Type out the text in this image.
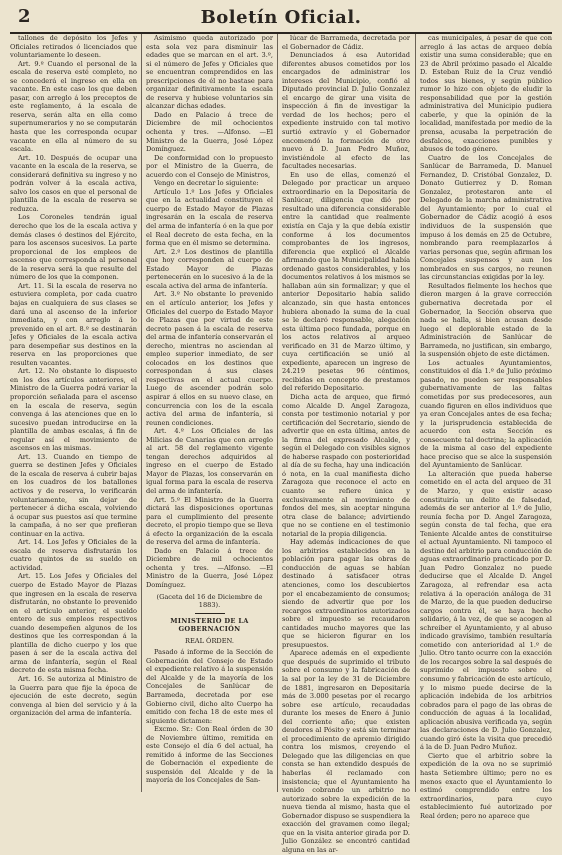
2	Boletín Oficial.

tallones de depósito los Jefes y Oficiales retirados ó licenciados que voluntariamente lo deseen.

Art. 9.º Cuando el personal de la escala de reserva esté completo, no se concederá el ingreso en ella en vacante. En este caso los que deben pasar, con arreglo á los preceptos de este reglamento, á la escala de reserva, serán alta en ella como supernumerarios y no se computarán hasta que les corresponda ocupar vacante en ella al número de su escala.

Art. 10. Después de ocupar una vacante en la escala de la reserva, se considerará definitiva su ingreso y no podrán volver á la escala activa, salvo los casos en que el personal de plantilla de la escala de reserva se reduzca.

Los Coroneles tendrán igual derecho que los de la escala activa y demás clases ó destinos del Ejército, para los ascensos sucesivos. La parte proporcional de los empleos de ascenso que corresponda al personal de la reserva será la que resulte del número de los que la componen.

Art. 11. Si la escala de reserva no estuviera completa, por cada cuatro bajas en cualquiera de sus clases se dará una al ascenso de la inferior inmediata, y con arreglo á lo prevenido en el art. 8.º se destinarán Jefes y Oficiales de la escala activa para desempeñar sus destinos en la reserva en las proporciones que resulten vacantes.

Art. 12. No obstante lo dispuesto en los dos artículos anteriores, el Ministro de la Guerra podrá variar la proporción señalada para el ascenso en la escala de reserva, según convenga á las atenciones que en lo sucesivo puedan introducirse en la plantilla de ambas escalas, á fin de regular así el movimiento de ascensos en las mismas.

Art. 13. Cuando en tiempo de guerra se destinen Jefes y Oficiales de la escala de reserva á cubrir bajas en los cuadros de los batallones activos y de reserva, lo verificarán voluntariamente, sin dejar de pertenecer á dicha escala, volviendo á ocupar sus puestos así que termine la campaña, á no ser que prefieran continuar en la activa.

Art. 14. Los Jefes y Oficiales de la escala de reserva disfrutarán los cuatro quintos de su sueldo en actividad.

Art. 15. Los Jefes y Oficiales del cuerpo de Estado Mayor de Plazas que ingresen en la escala de reserva disfrutarán, no obstante lo prevenido en el artículo anterior, el sueldo entero de sus empleos respectivos cuando desempeñen algunos de los destinos que les correspondan á la plantilla de dicho cuerpo y los que pasen á ser de la escala activa del arma de infantería, según el Real decreto de esta misma fecha.

Art. 16. Se autoriza al Ministro de la Guerra para que fije la época de ejecución de este decreto, según convenga al bien del servicio y á la organización del arma de infantería.

Asimismo queda autorizado por esta sola vez para disminuir las edades que se marcan en el art. 3.º, si el número de Jefes y Oficiales que se encuentran comprendidos en las prescripciones de él no bastase para organizar definitivamente la escala de reserva y hubiese voluntarios sin alcanzar dichas edades.

Dado en Palacio á trece de Diciembre de mil ochocientos ochenta y tres. —Alfonso. —El Ministro de la Guerra, José López Domínguez.

De conformidad con lo propuesto por el Ministro de la Guerra, de acuerdo con el Consejo de Ministros,

Vengo en decretar lo siguiente:

Artículo 1.º Los Jefes y Oficiales que en la actualidad constituyen el cuerpo de Estado Mayor de Plazas ingresarán en la escala de reserva del arma de infantería ó en la que por el Real decreto de esta fecha, en la forma que en él mismo se determina.

Art. 2.º Los destinos de plantilla que hoy corresponden al cuerpo de Estado Mayor de Plazas pertenecerán en lo sucesivo á la de la escala activa del arma de infantería.

Art. 3.º No obstante lo prevenido en el artículo anterior, los Jefes y Oficiales del cuerpo de Estado Mayor de Plazas que por virtud de este decreto pasen á la escala de reserva del arma de infantería conservarán el derecho, mientras no asciendan al empleo superior inmediato, de ser colocados en los destinos que correspondan á sus clases respectivas en el actual cuerpo. Luego de ascender podrán solo aspirar á ellos en su nuevo clase, en concurrencia con los de la escala activa del arma de infantería, si reunen condiciones.

Art. 4.º Los Oficiales de las Milicias de Canarias que con arreglo al art. 58 del reglamento vigente tengan derechos adquiridos al ingreso en el cuerpo de Estado Mayor de Plazas, los conservarán en igual forma para la escala de reserva del arma de infantería.

Art. 5.º El Ministro de la Guerra dictará las disposiciones oportunas para el cumplimiento del presente decreto, el propio tiempo que se lleva á efecto la organización de la escala de reserva del arma de infantería.

Dado en Palacio á trece de Diciembre de mil ochocientos ochenta y tres. —Alfonso. —El Ministro de la Guerra, José López Domínguez.

(Gaceta del 16 de Diciembre de 1883).

MINISTERIO DE LA GOBERNACIÓN

REAL ÓRDEN.

Pasado á informe de la Sección de Gobernación del Consejo de Estado el expediente relativo á la suspensión del Alcalde y de la mayoría de los Concejales de Sanlúcar de Barrameda, decretada por ese Gobierno civil, dicho alto Cuerpo ha emitido con fecha 18 de este mes el siguiente dictamen:

Excmo. Sr.: Con Real órden de 30 de Noviembre último, remitida en este Consejo el día 6 del actual, ha remitido á informe de las Secciones de Gobernación el expediente de suspensión del Alcalde y de la mayoría de los Concejales de San-

lúcar de Barrameda, decretada por el Gobernador de Cádiz.

Denunciados á esa Autoridad diferentes abusos cometidos por los encargados de administrar los intereses del Municipio, confió al Diputado provincial D. Julio Gonzalez el encargo de girar una visita de inspección á fin de investigar la verdad de los hechos; pero el expediente instruido con tal motivo surtió extravío y el Gobernador encomendó la formación de otro nuevo á D. Juan Pedro Muñoz, invistiéndole al efecto de las facultades necesarias.

En uso de ellas, comenzó el Delegado por practicar un arqueo extraordinario en la Depositaría de Sanlúcar, diligencia que dió por resultado una diferencia considerable entre la cantidad que realmente existía en Caja y la que debía existir conforme á los documentos comprobantes de los ingresos, diferencia que explicó el Alcalde afirmando que la Municipalidad había ordenado gastos considerables, y los documentos relativos á los mismos se hallaban aún sin formalizar; y que el anterior Depositario había salido alcanzado, sin que hasta entonces hubiera abonado la suma de la cual se le declaró responsable, alegación esta última poco fundada, porque en los actos relativos al arqueo verificado en 31 de Marzo último, y cuya certificación se unió al expediente, aparecen un ingreso de 24.219 pesetas 96 céntimos, recibidas en concepto de prestamos del referido Depositario.

Dicha acta de arqueo, que firmó como Alcalde D. Angel Zaragoza, consta por testimonio notarial y por certificación del Secretario, siendo de advertir que en esta última, antes de la firma del expresado Alcalde, y según el Delegado con visibles signos de haberse raspado con posterioridad al día de su fecha, hay una indicación ó nota, en la cual manifiesta dicho Zaragoza que reconoce el acto en cuanto se refiere única y exclusivamente al movimiento de fondos del mes, sin aceptar ninguna otra clase de balance; advirtiendo que no se contiene en el testimonio notarial de la propia diligencia.

Hay además indicaciones de que los arbitrios establecidos en la población para pagar las obras de conducción de aguas se habían destinado á satisfacer otras atenciones, como los descubiertos por el encabezamiento de consumos; siendo de advertir que por los recargos extraordinarios autorizados sobre el impuesto se recaudaron cantidades mucho mayores que las que se hicieron figurar en los presupuestos.

Aparece además en el expediente que después de suprimido el tributo sobre el consumo y la fabricación de la sal por la ley de 31 de Diciembre de 1881, ingresaron en Depositaría más de 3.000 pesetas por el recargo sobre ese artículo, recaudadas durante los meses de Enero á Junio del corriente año; que existen deudores al Pósito y está sin terminar el procedimiento de apremio dirigido contra los mismos, creyendo el Delegado que las diligencias en que consta se han extendido después de haberlas él reclamado con insistencia; que el Ayuntamiento ha venido cobrando un arbitrio no autorizado sobre la expedición de la nueva tienda al mismo, hasta que el Gobernador dispuso se suspendiera la exacción del gravamen como ilegal; que en la visita anterior girada por D. Julio González se encontró cantidad alguna en las ar-

cas municipales, á pesar de que con arreglo á las actas de arqueo debía existir una suma considerable; que en 23 de Abril próximo pasado el Alcalde D. Esteban Ruiz de la Cruz vendió todos sus bienes, y según público rumor lo hizo con objeto de eludir la responsabilidad que por la gestión administrativa del Municipio pudiera caberle, y que la opinión de la localidad, manifestada por medio de la prensa, acusaba la perpetración de desfalcos, exacciones punibles y abusos de todo género.

Cuatro de los Concejales de Sanlúcar de Barrameda, D. Manuel Fernandez, D. Cristóbal Gonzalez, D. Donato Gutierrez y D. Roman Gonzalez, protestaron ante el Delegado de la marcha administrativa del Ayuntamiento; por lo cual el Gobernador de Cádiz acogió á esos individuos de la suspensión que impuso á los demás en 25 de Octubre, nombrando para reemplazarlos á varias personas que, según afirman los Concejales suspensos y aun los nombrados en sus cargos, no reunen las circunstancias exigidas por la ley.

Resultados fielmente los hechos que dieron margen á la grave corrección gubernativa decretada por el Gobernador, la Sección observa que nada se halla, si bien acusan desde luego el deplorable estado de la Administración de Sanlúcar de Barrameda, no justifican, sin embargo, la suspensión objeto de este dictámen.

Los actuales Ayuntamientos, constituidos el día 1.º de Julio próximo pasado, no pueden ser responsables gubernativamente de las faltas cometidas por sus predecesores, aun cuando figuren en ellos individuos que ya eran Concejales antes de esa fecha; y la jurisprudencia establecida de acuerdo con esta Sección es consecuente tal doctrina; la aplicación de la misma al caso del expediente hace preciso que se alce la suspensión del Ayuntamiento de Sanlúcar.

La alteración que pueda haberse cometido en el acta del arqueo de 31 de Marzo, y que existir acaso constituiría un delito de falsedad, además de ser anterior al 1.º de Julio, reunía fecha por D. Angel Zaragoza, según consta de tal fecha, que era Teniente Alcalde antes de constituirse el actual Ayuntamiento. Ni tampoco el destino del arbitrio para conducción de aguas extraordinario practicado por D. Juan Pedro Gonzalez no puede deducirse que el Alcalde D. Angel Zaragoza, al refrendar esa acta relativa á la operación análoga de 31 de Marzo, de la que pueden deducirse cargos contra él, se haya hecho solidario, á la vez, de que se acogen al schreiber el Ayuntamiento, y al abuso indicado gravísimo, también resultaría cometido con anterioridad al 1.º de Julio. Otro tanto ocurre con la exacción de los recargos sobre la sal después de suprimido el impuesto sobre el consumo y fabricación de este artículo, y lo mismo puede decirse de la aplicación indebida de los arbitrios cobrados para el pago de las obras de conducción de aguas á la localidad, aplicación abusiva verificada ya, según las declaraciones de D. Julio Gonzalez, cuando giró éste la visita que precedió á la de D. Juan Pedro Muñoz.

Cierto que el arbitrio sobre la expedición de la ova no se suprimió hasta Setiembre último; pero no es menos exacto que el Ayuntamiento lo estimó comprendido entre los extraordinarios, para cuyo establecimiento fué autorizado por Real órden; pero no aparece que
